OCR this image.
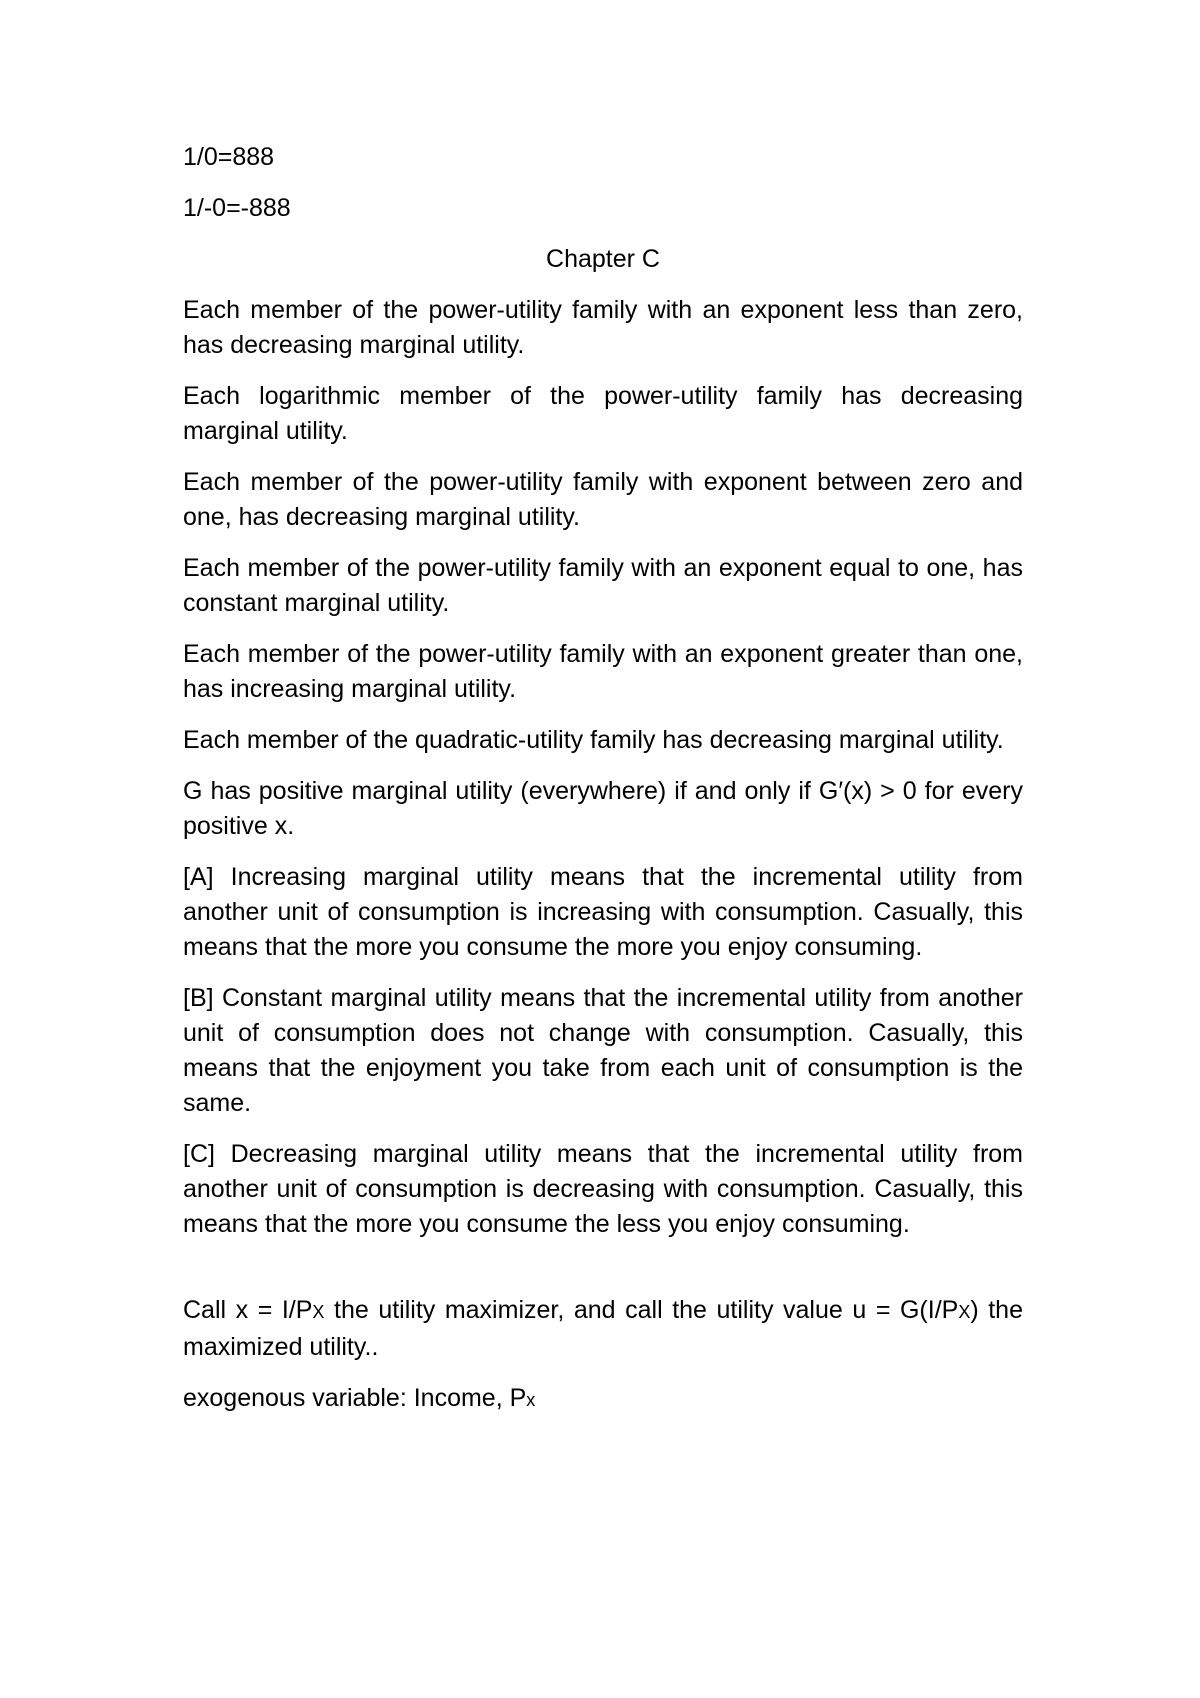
1/0=888

1/-0=-888

Chapter C

Each member of the power-utility family with an exponent less than zero, has decreasing marginal utility.

Each logarithmic member of the power-utility family has decreasing marginal utility.

Each member of the power-utility family with exponent between zero and one, has decreasing marginal utility.

Each member of the power-utility family with an exponent equal to one, has constant marginal utility.

Each member of the power-utility family with an exponent greater than one, has increasing marginal utility.

Each member of the quadratic-utility family has decreasing marginal utility.

G has positive marginal utility (everywhere) if and only if G′(x) > 0 for every positive x.

[A] Increasing marginal utility means that the incremental utility from another unit of consumption is increasing with consumption. Casually, this means that the more you consume the more you enjoy consuming.

[B] Constant marginal utility means that the incremental utility from another unit of consumption does not change with consumption. Casually, this means that the enjoyment you take from each unit of consumption is the same.

[C] Decreasing marginal utility means that the incremental utility from another unit of consumption is decreasing with consumption. Casually, this means that the more you consume the less you enjoy consuming.

Call x = I/PX the utility maximizer, and call the utility value u = G(I/PX) the maximized utility..

exogenous variable: Income, Px
